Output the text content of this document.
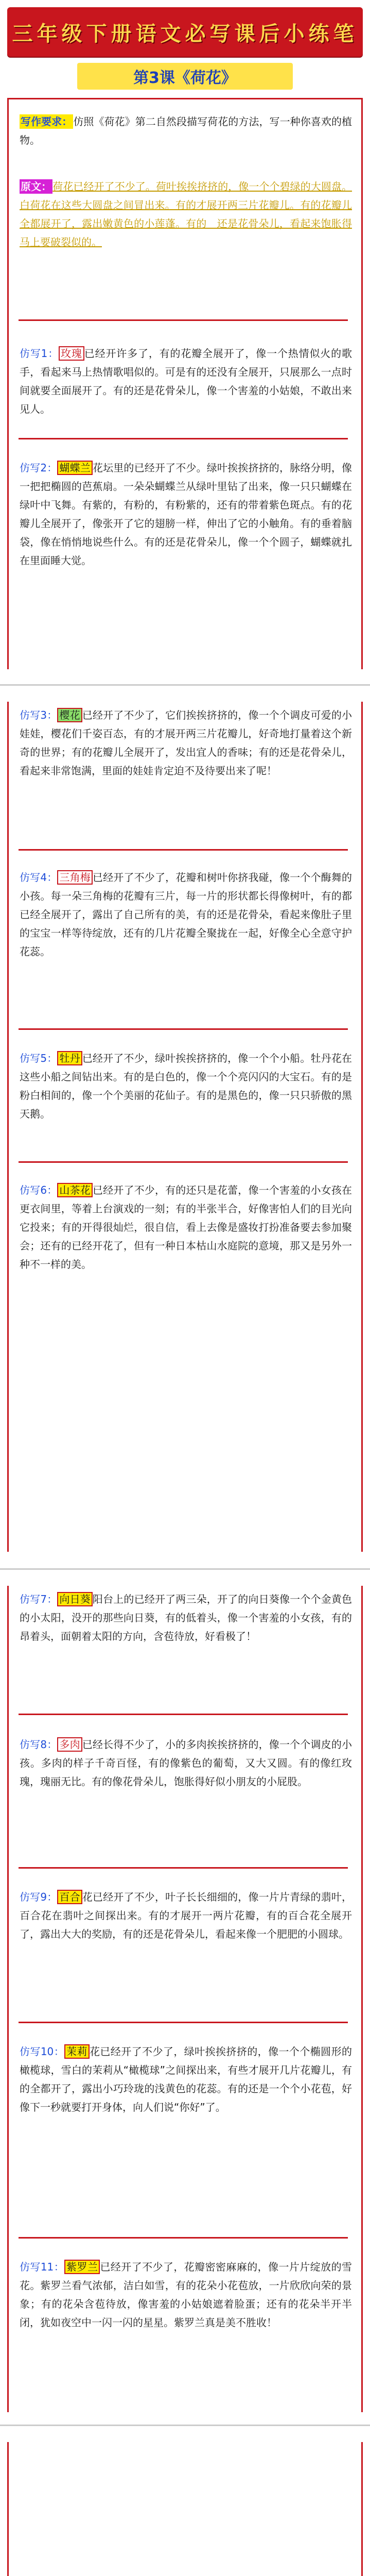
三年级下册语文必写课后小练笔
第3课《荷花》

写作要求： 仿照《荷花》第二自然段描写荷花的方法，写一种你喜欢的植物。

原文： 荷花已经开了不少了。荷叶挨挨挤挤的，像一个个碧绿的大圆盘。白荷花在这些大圆盘之间冒出来。有的才展开两三片花瓣儿。有的花瓣儿全都展开了，露出嫩黄色的小莲蓬。有的　还是花骨朵儿，看起来饱胀得马上要破裂似的。

仿写1： 玫瑰 已经开许多了，有的花瓣全展开了，像一个热情似火的歌手，看起来马上热情歌唱似的。可是有的还没有全展开，只展那么一点时间就要全面展开了。有的还是花骨朵儿，像一个害羞的小姑娘，不敢出来见人。

仿写2： 蝴蝶兰 花坛里的已经开了不少。绿叶挨挨挤挤的，脉络分明，像一把把椭圆的芭蕉扇。一朵朵蝴蝶兰从绿叶里钻了出来，像一只只蝴蝶在绿叶中飞舞。有紫的，有粉的，有粉紫的，还有的带着紫色斑点。有的花瓣儿全展开了，像张开了它的翅膀一样，伸出了它的小触角。有的垂着脑袋，像在悄悄地说些什么。有的还是花骨朵儿，像一个个圆子，蝴蝶就扎在里面睡大觉。

仿写3： 樱花 已经开了不少了，它们挨挨挤挤的，像一个个调皮可爱的小娃娃，樱花们千姿百态，有的才展开两三片花瓣儿，好奇地打量着这个新奇的世界；有的花瓣儿全展开了，发出宜人的香味；有的还是花骨朵儿，看起来非常饱满，里面的娃娃肯定迫不及待要出来了呢！

仿写4： 三角梅 已经开了不少了，花瓣和树叶你挤我碰，像一个个酶舞的小孩。每一朵三角梅的花瓣有三片，每一片的形状都长得像树叶，有的都已经全展开了，露出了自己所有的美，有的还是花骨朵，看起来像肚子里的宝宝一样等待绽放，还有的几片花瓣全聚拢在一起，好像全心全意守护花蕊。

仿写5： 牡丹 已经开了不少，绿叶挨挨挤挤的，像一个个小船。牡丹花在这些小船之间钻出来。有的是白色的，像一个个亮闪闪的大宝石。有的是粉白相间的，像一个个美丽的花仙子。有的是黑色的，像一只只骄傲的黑天鹅。

仿写6： 山茶花 已经开了不少，有的还只是花蕾，像一个害羞的小女孩在更衣间里，等着上台演戏的一刻；有的半张半合，好像害怕人们的目光向它投来；有的开得很灿烂，很自信，看上去像是盛妆打扮准备要去参加聚会；还有的已经开花了，但有一种日本枯山水庭院的意境，那又是另外一种不一样的美。

仿写7： 向日葵 阳台上的已经开了两三朵，开了的向日葵像一个个金黄色的小太阳，没开的那些向日葵，有的低着头，像一个害羞的小女孩，有的昂着头，面朝着太阳的方向，含苞待放，好看极了！

仿写8： 多肉 已经长得不少了，小的多肉挨挨挤挤的，像一个个调皮的小孩。多肉的样子千奇百怪，有的像紫色的葡萄，又大又圆。有的像红玫瑰，瑰丽无比。有的像花骨朵儿，饱胀得好似小朋友的小屁股。

仿写9： 百合 花已经开了不少，叶子长长细细的，像一片片青绿的翡叶，百合花在翡叶之间探出来。有的才展开一两片花瓣，有的百合花全展开了，露出大大的奖励，有的还是花骨朵儿，看起来像一个肥肥的小圆球。

仿写10： 茉莉 花已经开了不少了，绿叶挨挨挤挤的，像一个个椭圆形的橄榄球，雪白的茉莉从“橄榄球”之间探出来，有些才展开几片花瓣儿，有的全都开了，露出小巧玲珑的浅黄色的花蕊。有的还是一个个小花苞，好像下一秒就要打开身体，向人们说“你好”了。

仿写11： 紫罗兰 已经开了不少了，花瓣密密麻麻的，像一片片绽放的雪花。紫罗兰看气浓郁，洁白如雪，有的花朵小花苞放，一片欣欣向荣的景象；有的花朵含苞待放，像害羞的小姑娘遮着脸蛋；还有的花朵半开半闭，犹如夜空中一闪一闪的星星。紫罗兰真是美不胜收！
